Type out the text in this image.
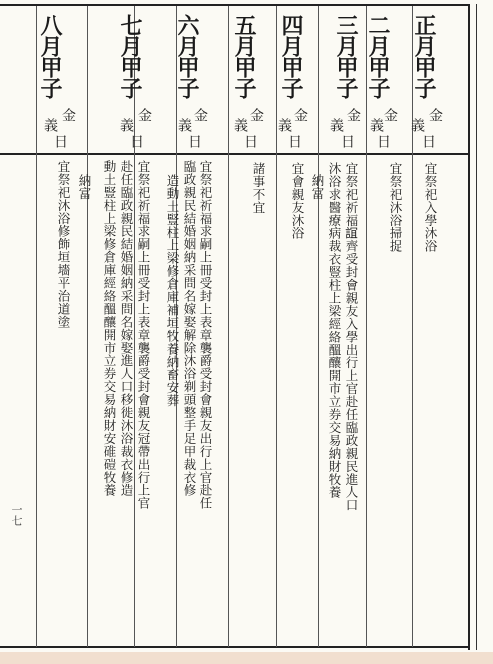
正月甲子
二月甲子
三月甲子
四月甲子
五月甲子
六月甲子
七月甲子
八月甲子
金
義
日
金
義
日
金
義
日
金
義
日
金
義
日
金
義
日
金
義
日
金
義
日
宜祭祀入學沐浴
宜祭祀沐浴掃捉
宜祭祀祈福𧨏齊受封會親友入學出行上官赴任臨政親民進人口
沐浴求醫療病裁衣豎柱上梁經絡醞釀開市立券交易納財牧養
納富
宜會親友沐浴
諸事不宜
宜祭祀祈福求嗣上冊受封上表章襲爵受封會親友出行上官赴任
臨政親民結婚姻納采問名嫁娶解除沐浴剃頭整手足甲裁衣修
造動土豎柱上梁修倉庫補垣牧養納畜安葬
宜祭祀祈福求嗣上冊受封上表章襲爵受封會親友冠帶出行上官
赴任臨政親民結婚姻納采問名嫁娶進人口移徙沐浴裁衣修造
動土豎柱上梁修倉庫經絡醞釀開市立券交易納財安碓磑牧養
納富
宜祭祀沐浴修飾垣墻平治道塗
一七
